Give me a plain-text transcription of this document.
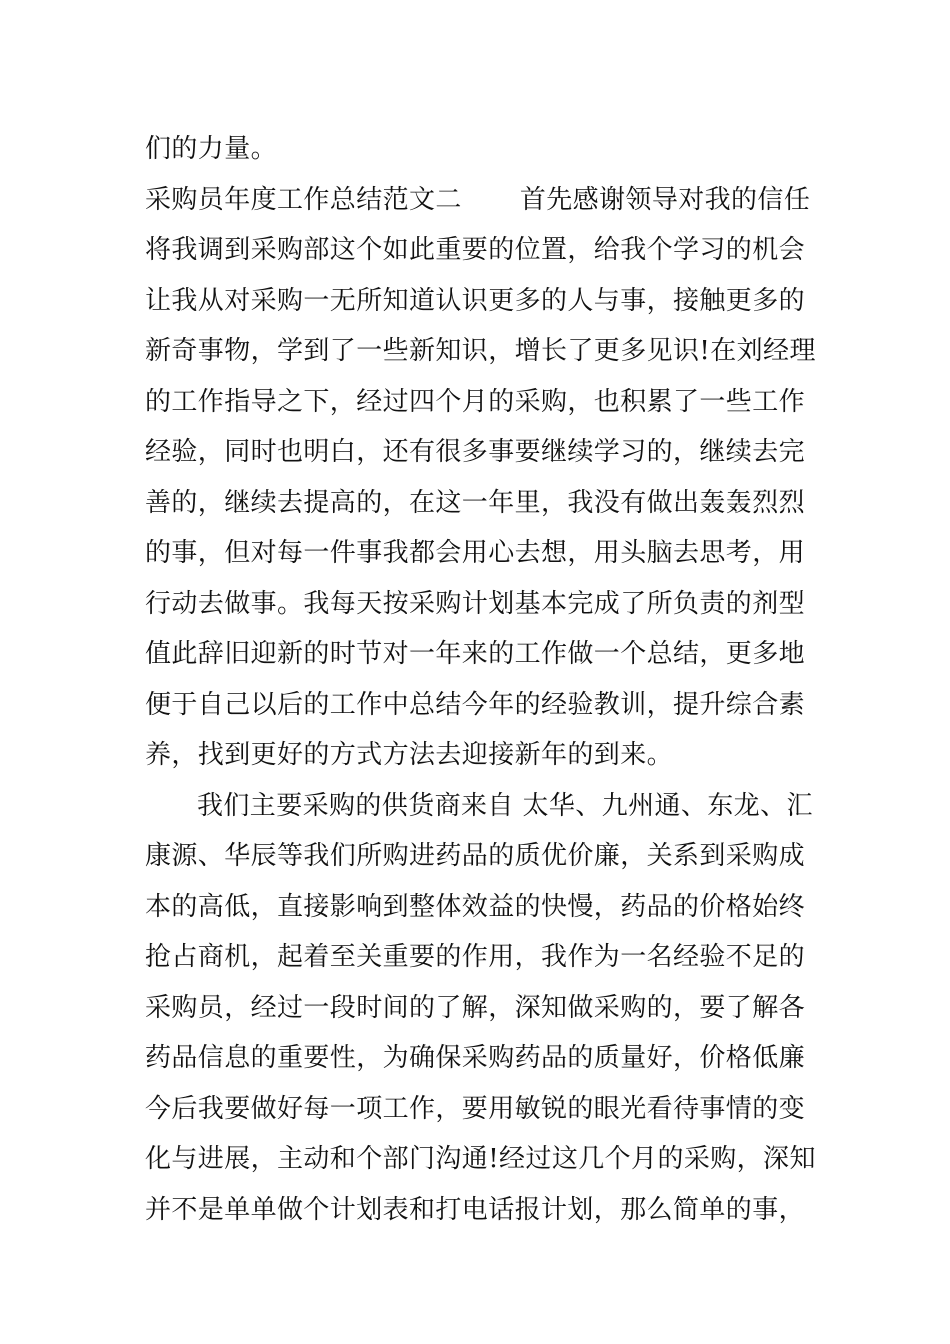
们的力量。
采购员年度工作总结范文二 首先感谢领导对我的信任
将我调到采购部这个如此重要的位置，给我个学习的机会
让我从对采购一无所知道认识更多的人与事，接触更多的
新奇事物，学到了一些新知识，增长了更多见识!在刘经理
的工作指导之下，经过四个月的采购，也积累了一些工作
经验，同时也明白，还有很多事要继续学习的，继续去完
善的，继续去提高的，在这一年里，我没有做出轰轰烈烈
的事，但对每一件事我都会用心去想，用头脑去思考，用
行动去做事。我每天按采购计划基本完成了所负责的剂型
值此辞旧迎新的时节对一年来的工作做一个总结，更多地
便于自己以后的工作中总结今年的经验教训，提升综合素
养，找到更好的方式方法去迎接新年的到来。
我们主要采购的供货商来自 太华、九州通、东龙、汇
康源、华辰等我们所购进药品的质优价廉，关系到采购成
本的高低，直接影响到整体效益的快慢，药品的价格始终
抢占商机，起着至关重要的作用，我作为一名经验不足的
采购员，经过一段时间的了解，深知做采购的，要了解各
药品信息的重要性，为确保采购药品的质量好，价格低廉
今后我要做好每一项工作，要用敏锐的眼光看待事情的变
化与进展，主动和个部门沟通!经过这几个月的采购，深知
并不是单单做个计划表和打电话报计划，那么简单的事，
